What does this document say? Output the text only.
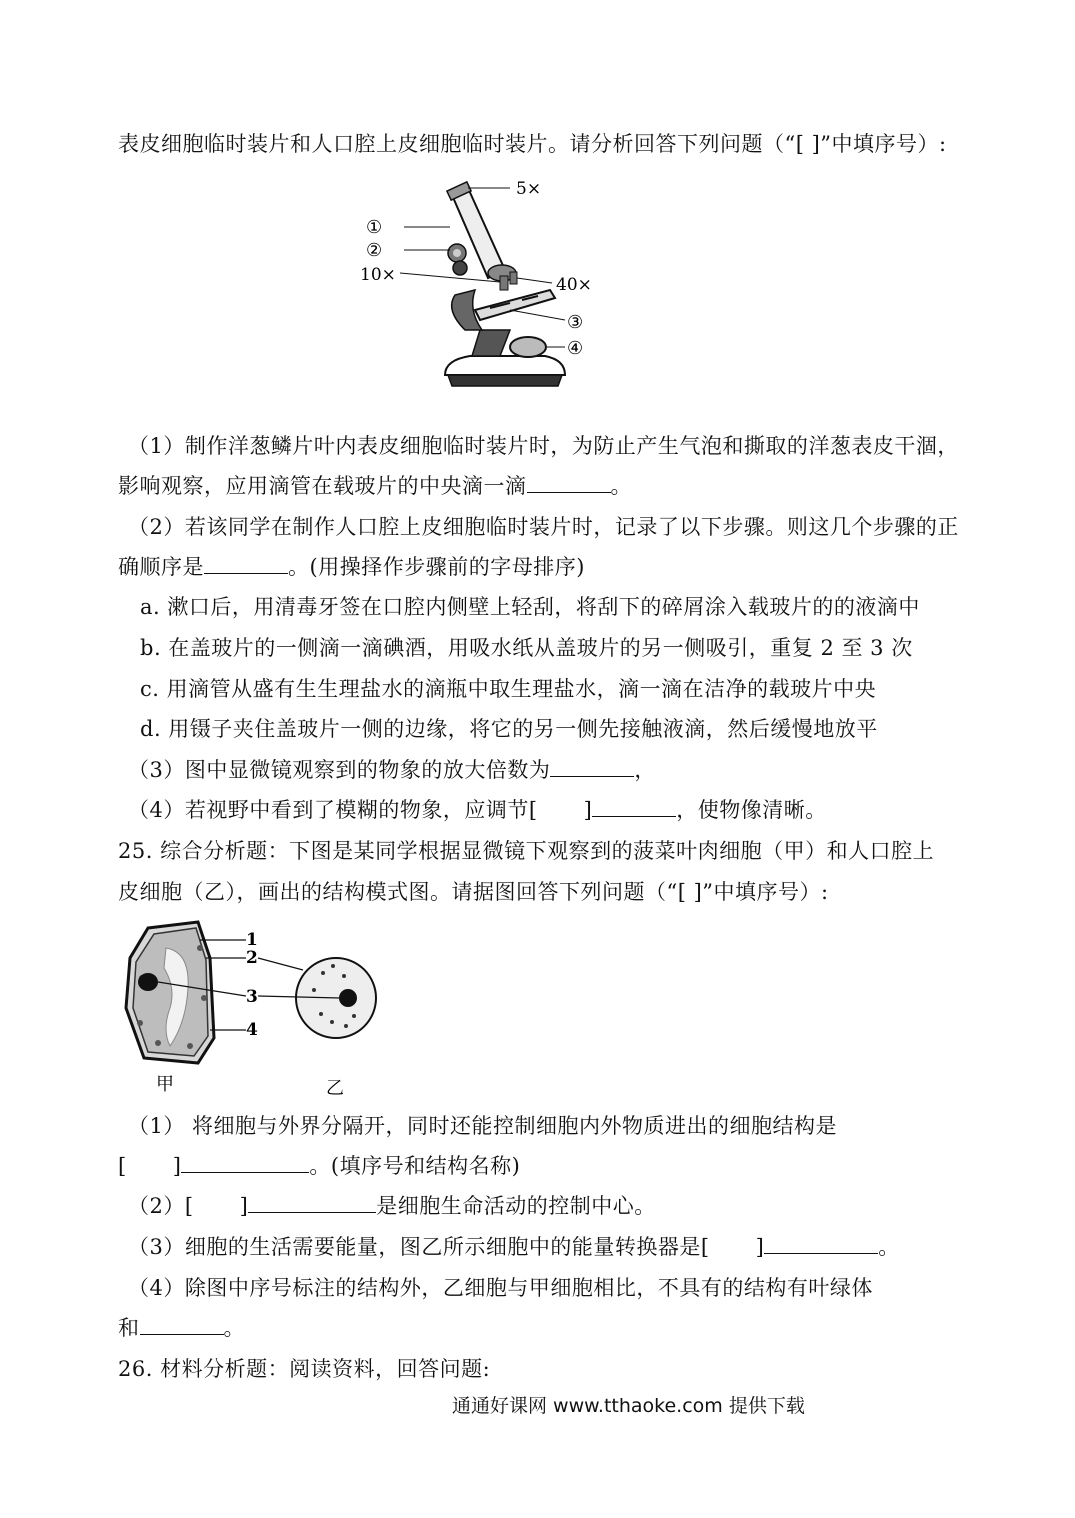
表皮细胞临时装片和人口腔上皮细胞临时装片。请分析回答下列问题（“[ ]”中填序号）:
5×
①
②
10×	40×
③
④
（1）制作洋葱鳞片叶内表皮细胞临时装片时，为防止产生气泡和撕取的洋葱表皮干涸，
影响观察，应用滴管在载玻片的中央滴一滴	。
（2）若该同学在制作人口腔上皮细胞临时装片时，记录了以下步骤。则这几个步骤的正
确顺序是	。(用操择作步骤前的字母排序)
a. 漱口后，用清毒牙签在口腔内侧壁上轻刮，将刮下的碎屑涂入载玻片的的液滴中
b. 在盖玻片的一侧滴一滴碘酒，用吸水纸从盖玻片的另一侧吸引，重复 2 至 3 次
c. 用滴管从盛有生生理盐水的滴瓶中取生理盐水，滴一滴在洁净的载玻片中央
d. 用镊子夹住盖玻片一侧的边缘，将它的另一侧先接触液滴，然后缓慢地放平
（3）图中显微镜观察到的物象的放大倍数为	，
（4）若视野中看到了模糊的物象，应调节[ ]	，使物像清晰。
25. 综合分析题：下图是某同学根据显微镜下观察到的菠菜叶肉细胞（甲）和人口腔上
皮细胞（乙），画出的结构模式图。请据图回答下列问题（“[ ]”中填序号）:
1
2
3
4
甲	乙
（1） 将细胞与外界分隔开，同时还能控制细胞内外物质进出的细胞结构是
[ ]	。(填序号和结构名称)
（2）[ ]	是细胞生命活动的控制中心。
（3）细胞的生活需要能量，图乙所示细胞中的能量转换器是[ ]	。
（4）除图中序号标注的结构外，乙细胞与甲细胞相比，不具有的结构有叶绿体
和	。
26. 材料分析题：阅读资料，回答问题:
通通好课网 www.tthaoke.com 提供下载
